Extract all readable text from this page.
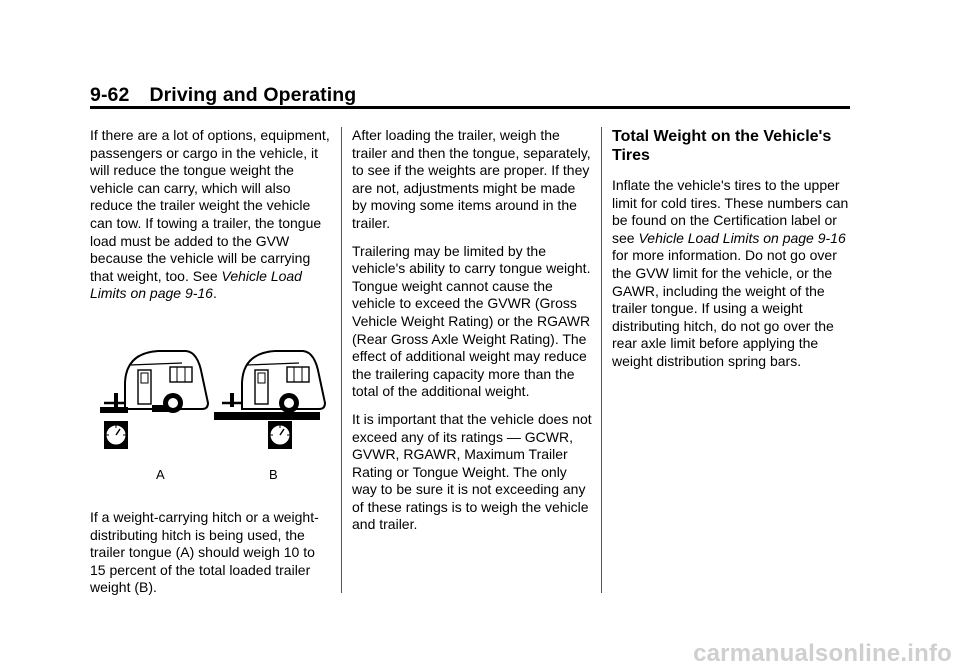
9-62 Driving and Operating

If there are a lot of options, equipment, passengers or cargo in the vehicle, it will reduce the tongue weight the vehicle can carry, which will also reduce the trailer weight the vehicle can tow. If towing a trailer, the tongue load must be added to the GVW because the vehicle will be carrying that weight, too. See Vehicle Load Limits on page 9-16.

A	B

If a weight-carrying hitch or a weight-distributing hitch is being used, the trailer tongue (A) should weigh 10 to 15 percent of the total loaded trailer weight (B).

After loading the trailer, weigh the trailer and then the tongue, separately, to see if the weights are proper. If they are not, adjustments might be made by moving some items around in the trailer.

Trailering may be limited by the vehicle's ability to carry tongue weight. Tongue weight cannot cause the vehicle to exceed the GVWR (Gross Vehicle Weight Rating) or the RGAWR (Rear Gross Axle Weight Rating). The effect of additional weight may reduce the trailering capacity more than the total of the additional weight.

It is important that the vehicle does not exceed any of its ratings — GCWR, GVWR, RGAWR, Maximum Trailer Rating or Tongue Weight. The only way to be sure it is not exceeding any of these ratings is to weigh the vehicle and trailer.

Total Weight on the Vehicle's Tires

Inflate the vehicle's tires to the upper limit for cold tires. These numbers can be found on the Certification label or see Vehicle Load Limits on page 9-16 for more information. Do not go over the GVW limit for the vehicle, or the GAWR, including the weight of the trailer tongue. If using a weight distributing hitch, do not go over the rear axle limit before applying the weight distribution spring bars.

carmanualsonline.info
